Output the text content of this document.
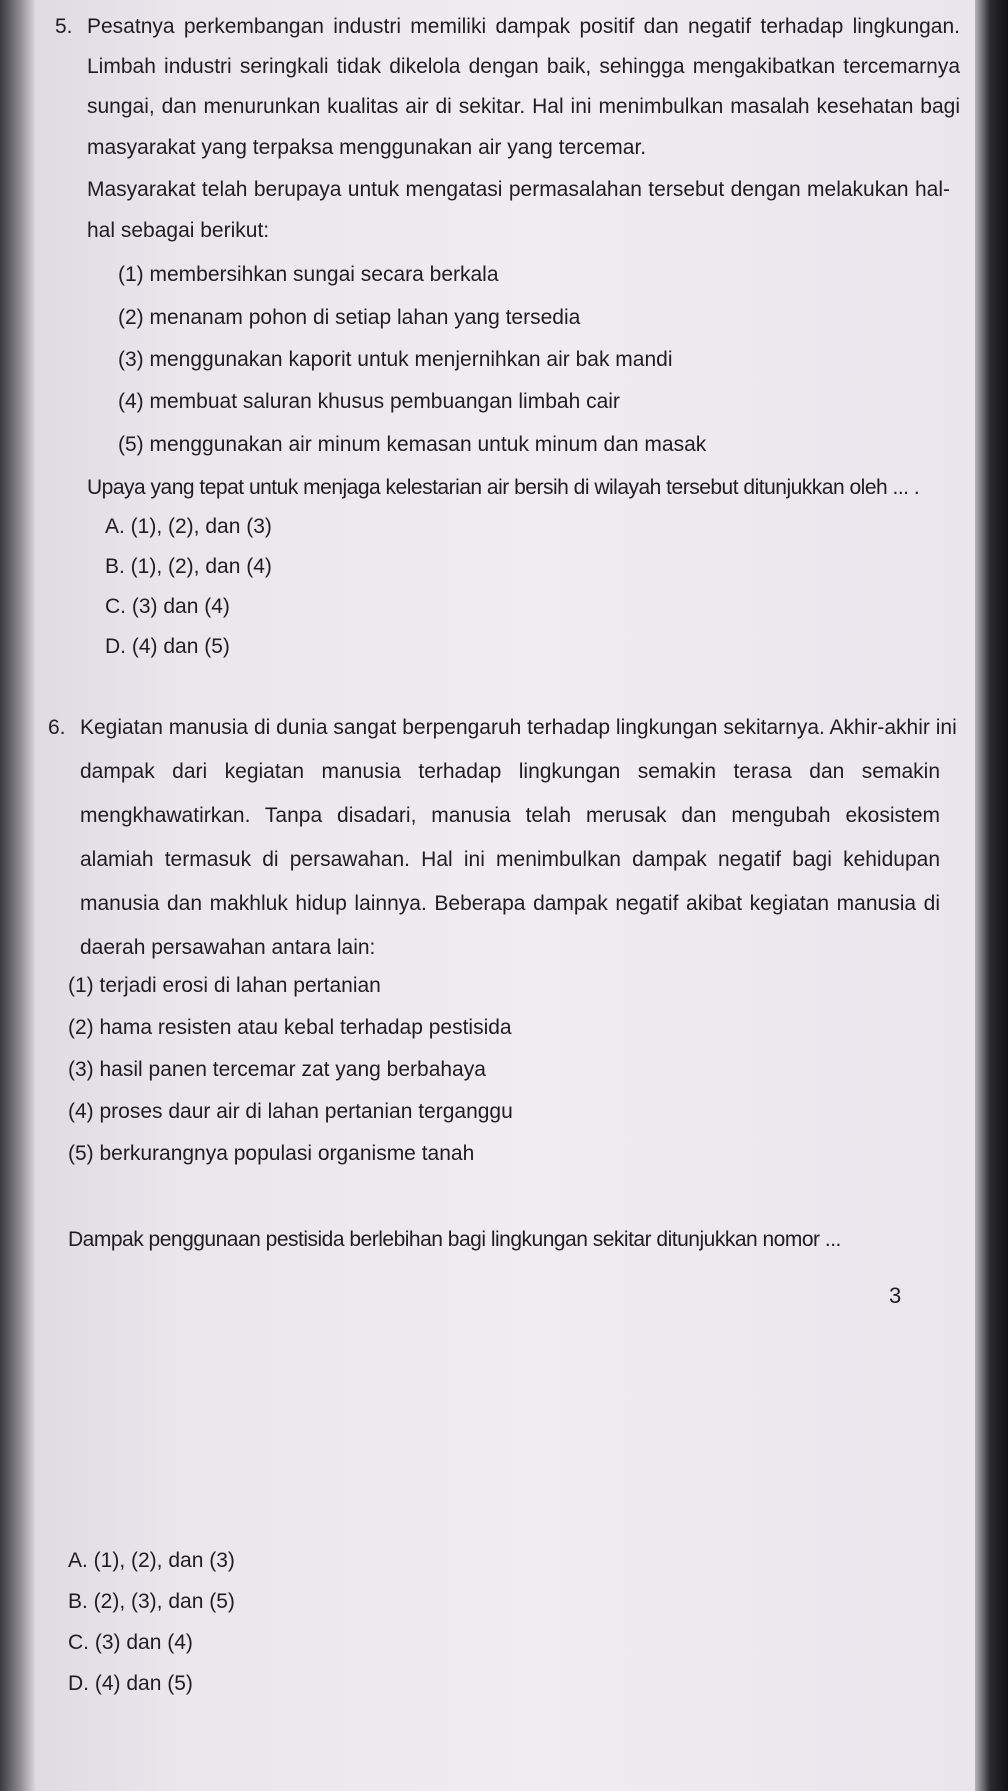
5. Pesatnya perkembangan industri memiliki dampak positif dan negatif terhadap lingkungan.
Limbah industri seringkali tidak dikelola dengan baik, sehingga mengakibatkan tercemarnya
sungai, dan menurunkan kualitas air di sekitar. Hal ini menimbulkan masalah kesehatan bagi
masyarakat yang terpaksa menggunakan air yang tercemar.
Masyarakat telah berupaya untuk mengatasi permasalahan tersebut dengan melakukan hal-
hal sebagai berikut:
(1) membersihkan sungai secara berkala
(2) menanam pohon di setiap lahan yang tersedia
(3) menggunakan kaporit untuk menjernihkan air bak mandi
(4) membuat saluran khusus pembuangan limbah cair
(5) menggunakan air minum kemasan untuk minum dan masak
Upaya yang tepat untuk menjaga kelestarian air bersih di wilayah tersebut ditunjukkan oleh ... .
A. (1), (2), dan (3)
B. (1), (2), dan (4)
C. (3) dan (4)
D. (4) dan (5)
6. Kegiatan manusia di dunia sangat berpengaruh terhadap lingkungan sekitarnya. Akhir-akhir ini
dampak dari kegiatan manusia terhadap lingkungan semakin terasa dan semakin
mengkhawatirkan. Tanpa disadari, manusia telah merusak dan mengubah ekosistem
alamiah termasuk di persawahan. Hal ini menimbulkan dampak negatif bagi kehidupan
manusia dan makhluk hidup lainnya. Beberapa dampak negatif akibat kegiatan manusia di
daerah persawahan antara lain:
(1) terjadi erosi di lahan pertanian
(2) hama resisten atau kebal terhadap pestisida
(3) hasil panen tercemar zat yang berbahaya
(4) proses daur air di lahan pertanian terganggu
(5) berkurangnya populasi organisme tanah
Dampak penggunaan pestisida berlebihan bagi lingkungan sekitar ditunjukkan nomor ...
3
A. (1), (2), dan (3)
B. (2), (3), dan (5)
C. (3) dan (4)
D. (4) dan (5)
